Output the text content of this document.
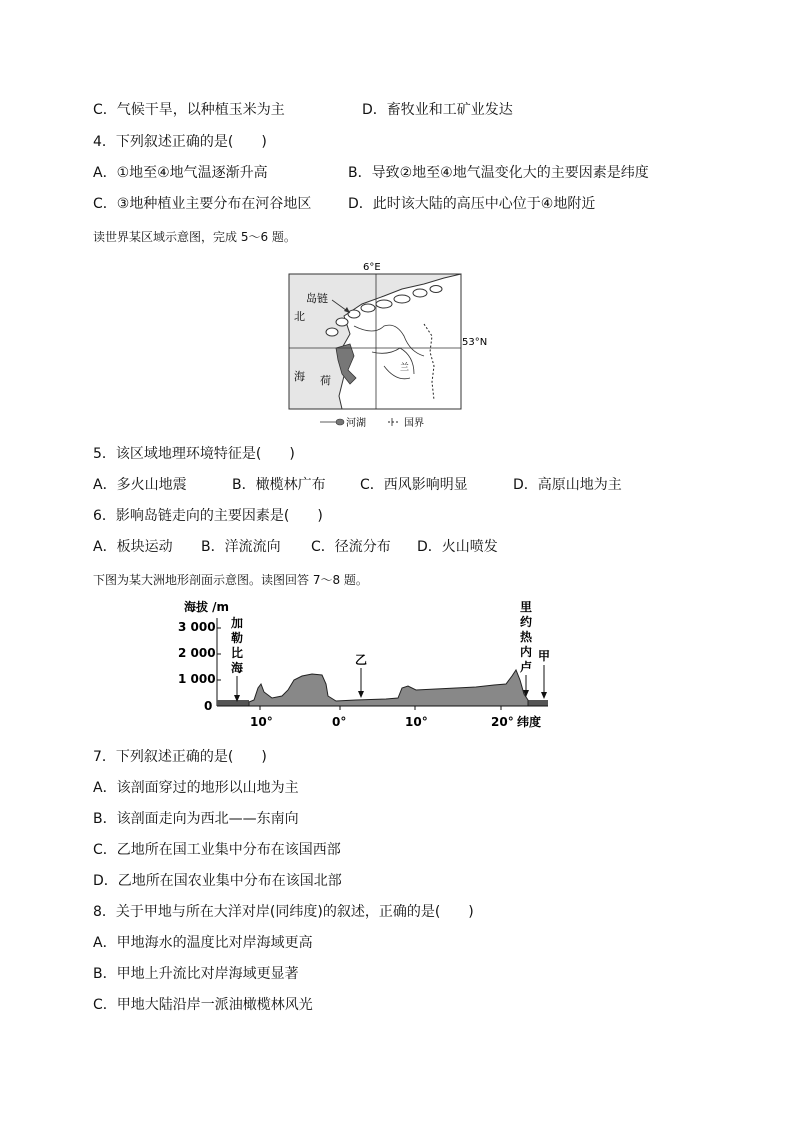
C．气候干旱，以种植玉米为主	D．畜牧业和工矿业发达
4．下列叙述正确的是(　　)
A．①地至④地气温逐渐升高	B．导致②地至④地气温变化大的主要因素是纬度
C．③地种植业主要分布在河谷地区	D．此时该大陆的高压中心位于④地附近
读世界某区域示意图，完成 5～6 题。
6°E
53°N
岛链
北
海 荷
兰
河湖	国界
5．该区域地理环境特征是(　　)
A．多火山地震	B．橄榄林广布 C．西风影响明显	D．高原山地为主
6．影响岛链走向的主要因素是(　　)
A．板块运动 B．洋流流向 C．径流分布 D．火山喷发
下图为某大洲地形剖面示意图。读图回答 7～8 题。
海拔 /m
3 000
2 000
1 000
0
10°	0°	10°	20° 纬度
加
勒
比
海
乙
里
约
热
内
卢
甲
7．下列叙述正确的是(　　)
A．该剖面穿过的地形以山地为主
B．该剖面走向为西北——东南向
C．乙地所在国工业集中分布在该国西部
D．乙地所在国农业集中分布在该国北部
8．关于甲地与所在大洋对岸(同纬度)的叙述，正确的是(　　)
A．甲地海水的温度比对岸海域更高
B．甲地上升流比对岸海域更显著
C．甲地大陆沿岸一派油橄榄林风光
